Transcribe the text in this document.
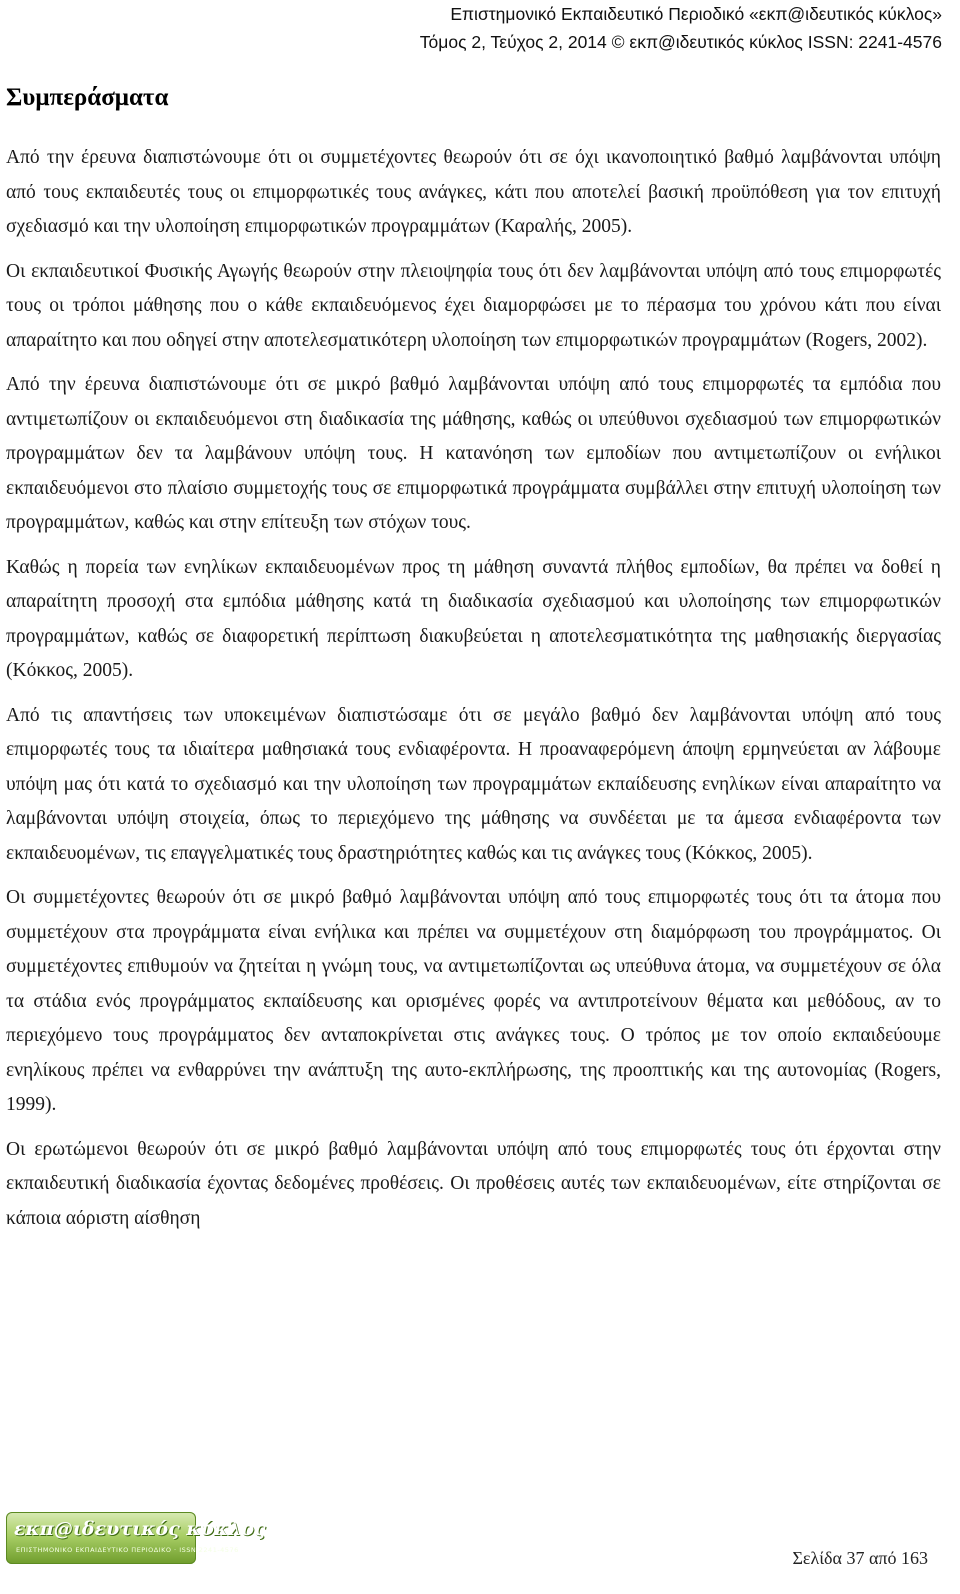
Επιστημονικό Εκπαιδευτικό Περιοδικό «εκπ@ιδευτικός κύκλος»
Τόμος 2, Τεύχος 2, 2014 © εκπ@ιδευτικός κύκλος ISSN: 2241-4576
Συμπεράσματα

Από την έρευνα διαπιστώνουμε ότι οι συμμετέχοντες θεωρούν ότι σε όχι ικανοποιητικό βαθμό λαμβάνονται υπόψη από τους εκπαιδευτές τους οι επιμορφωτικές τους ανάγκες, κάτι που αποτελεί βασική προϋπόθεση για τον επιτυχή σχεδιασμό και την υλοποίηση επιμορφωτικών προγραμμάτων (Καραλής, 2005).

Οι εκπαιδευτικοί Φυσικής Αγωγής θεωρούν στην πλειοψηφία τους ότι δεν λαμβάνονται υπόψη από τους επιμορφωτές τους οι τρόποι μάθησης που ο κάθε εκπαιδευόμενος έχει διαμορφώσει με το πέρασμα του χρόνου κάτι που είναι απαραίτητο και που οδηγεί στην αποτελεσματικότερη υλοποίηση των επιμορφωτικών προγραμμάτων (Rogers, 2002).

Από την έρευνα διαπιστώνουμε ότι σε μικρό βαθμό λαμβάνονται υπόψη από τους επιμορφωτές τα εμπόδια που αντιμετωπίζουν οι εκπαιδευόμενοι στη διαδικασία της μάθησης, καθώς οι υπεύθυνοι σχεδιασμού των επιμορφωτικών προγραμμάτων δεν τα λαμβάνουν υπόψη τους. Η κατανόηση των εμποδίων που αντιμετωπίζουν οι ενήλικοι εκπαιδευόμενοι στο πλαίσιο συμμετοχής τους σε επιμορφωτικά προγράμματα συμβάλλει στην επιτυχή υλοποίηση των προγραμμάτων, καθώς και στην επίτευξη των στόχων τους.

Καθώς η πορεία των ενηλίκων εκπαιδευομένων προς τη μάθηση συναντά πλήθος εμποδίων, θα πρέπει να δοθεί η απαραίτητη προσοχή στα εμπόδια μάθησης κατά τη διαδικασία σχεδιασμού και υλοποίησης των επιμορφωτικών προγραμμάτων, καθώς σε διαφορετική περίπτωση διακυβεύεται η αποτελεσματικότητα της μαθησιακής διεργασίας (Κόκκος, 2005).

Από τις απαντήσεις των υποκειμένων διαπιστώσαμε ότι σε μεγάλο βαθμό δεν λαμβάνονται υπόψη από τους επιμορφωτές τους τα ιδιαίτερα μαθησιακά τους ενδιαφέροντα. Η προαναφερόμενη άποψη ερμηνεύεται αν λάβουμε υπόψη μας ότι κατά το σχεδιασμό και την υλοποίηση των προγραμμάτων εκπαίδευσης ενηλίκων είναι απαραίτητο να λαμβάνονται υπόψη στοιχεία, όπως το περιεχόμενο της μάθησης να συνδέεται με τα άμεσα ενδιαφέροντα των εκπαιδευομένων, τις επαγγελματικές τους δραστηριότητες καθώς και τις ανάγκες τους (Κόκκος, 2005).

Οι συμμετέχοντες θεωρούν ότι σε μικρό βαθμό λαμβάνονται υπόψη από τους επιμορφωτές τους ότι τα άτομα που συμμετέχουν στα προγράμματα είναι ενήλικα και πρέπει να συμμετέχουν στη διαμόρφωση του προγράμματος. Οι συμμετέχοντες επιθυμούν να ζητείται η γνώμη τους, να αντιμετωπίζονται ως υπεύθυνα άτομα, να συμμετέχουν σε όλα τα στάδια ενός προγράμματος εκπαίδευσης και ορισμένες φορές να αντιπροτείνουν θέματα και μεθόδους, αν το περιεχόμενο τους προγράμματος δεν ανταποκρίνεται στις ανάγκες τους. Ο τρόπος με τον οποίο εκπαιδεύουμε ενηλίκους πρέπει να ενθαρρύνει την ανάπτυξη της αυτο-εκπλήρωσης, της προοπτικής και της αυτονομίας (Rogers, 1999).

Οι ερωτώμενοι θεωρούν ότι σε μικρό βαθμό λαμβάνονται υπόψη από τους επιμορφωτές τους ότι έρχονται στην εκπαιδευτική διαδικασία έχοντας δεδομένες προθέσεις. Οι προθέσεις αυτές των εκπαιδευομένων, είτε στηρίζονται σε κάποια αόριστη αίσθηση

εκπ@ιδευτικός κύκλος
ΕΠΙΣΤΗΜΟΝΙΚΟ ΕΚΠΑΙΔΕΥΤΙΚΟ ΠΕΡΙΟΔΙΚΟ · ISSN 2241-4576	Σελίδα 37 από 163
